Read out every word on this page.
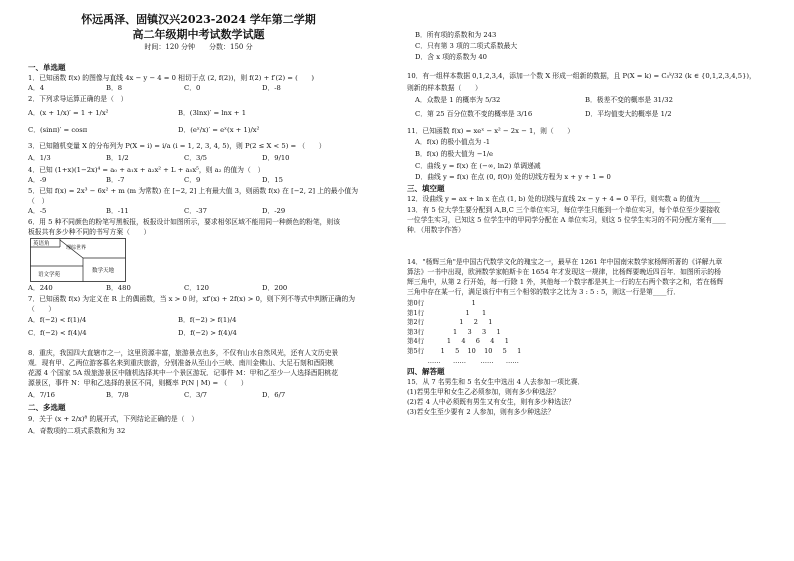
怀远禹泽、固镇汉兴2023-2024 学年第二学期
高二年级期中考试数学试题
时间：120 分钟　　分数：150 分
一、单选题
1．已知函数 f(x) 的图像与直线 4x − y − 4 = 0 相切于点 (2, f(2))，则 f(2) + f′(2) = (　　)
A．4	B．8	C．0	D．-8
2．下列求导运算正确的是（　）
A．(x + 1/x)′ = 1 + 1/x²	B．(3lnx)′ = lnx + 1
C．(sinπ)′ = cosπ	D．(eˣ/x)′ = eˣ(x + 1)/x²
3．已知随机变量 X 的分布列为 P(X = i) = i/a (i = 1, 2, 3, 4, 5)，则 P(2 ≤ X < 5) = （　　）
A．1/3	B．1/2	C．3/5	D．9/10
4．已知 (1+x)(1−2x)⁴ = a₀ + a₁x + a₂x² + L + a₅x⁵，则 a₂ 的值为（　）
A．-9	B．-7	C．9	D．15
5．已知 f(x) = 2x³ − 6x² + m (m 为常数) 在 [−2, 2] 上有最大值 3，则函数 f(x) 在 [−2, 2] 上的最小值为
（　）
A．-5	B．-11	C．-37	D．-29
6．用 5 种不同颜色的粉笔写黑板报，板报设计如图所示，要求相邻区域不能用同一种颜色的粉笔，则该
板报共有多少种不同的书写方案（　　）
英语角
理综世界
语文学苑
数学天地
A．240	B．480	C．120	D．200
7．已知函数 f(x) 为定义在 R 上的偶函数，当 x > 0 时，xf′(x) + 2f(x) > 0，则下列不等式中判断正确的为
（　　）
A．f(−2) < f(1)/4	B．f(−2) > f(1)/4
C．f(−2) < f(4)/4	D．f(−2) > f(4)/4
8．重庆，我国四大直辖市之一，这里资源丰富，旅游景点也多，不仅有山水自然风光，还有人文历史景
观．现有甲、乙两位游客慕名来到重庆旅游，分别准备从至山小三峡、南川金佛山、大足石刻和酉阳桃
花源 4 个国家 5A 级旅游景区中随机选择其中一个景区游玩．记事件 M：甲和乙至少一人选择酉阳桃花
源景区，事件 N：甲和乙选择的景区不同，则概率 P(N | M) = （　　）
A．7/16	B．7/8	C．3/7	D．6/7
二、多选题
9．关于 (x + 2/x)⁸ 的展开式，下列结论正确的是（　）
A．奇数项的二项式系数和为 32
B．所有项的系数和为 243
C．只有第 3 项的二项式系数最大
D．含 x 项的系数为 40
10．有一组样本数据 0,1,2,3,4，添加一个数 X 形成一组新的数据，且 P(X = k) = C₅ᵏ/32 (k ∈ {0,1,2,3,4,5})，
则新的样本数据（　　）
A．众数是 1 的概率为 5/32	B．极差不变的概率是 31/32
C．第 25 百分位数不变的概率是 3/16	D．平均值变大的概率是 1/2
11．已知函数 f(x) = xeˣ − x² − 2x − 1，则（　　）
A．f(x) 的极小值点为 -1
B．f(x) 的极大值为 −1/e
C．曲线 y = f(x) 在 (−∞, ln2) 单调递减
D．曲线 y = f(x) 在点 (0, f(0)) 处的切线方程为 x + y + 1 = 0
三、填空题
12．设曲线 y = ax + ln x 在点 (1, b) 处的切线与直线 2x − y + 4 = 0 平行，则实数 a 的值为______
13．有 5 位大学生要分配到 A,B,C 三个单位实习，每位学生只能到一个单位实习，每个单位至少要接收
一位学生实习，已知这 5 位学生中的甲同学分配在 A 单位实习，则这 5 位学生实习的不同分配方案有____
种．（用数字作答）
14．"杨辉三角"是中国古代数学文化的瑰宝之一，最早在 1261 年中国南宋数学家杨辉所著的《详解九章
算法》一书中出现，欧洲数学家帕斯卡在 1654 年才发现这一规律，比杨辉要晚近四百年．如图所示的杨
辉三角中，从第 2 行开始，每一行除 1 外，其他每一个数字都是其上一行的左右两个数字之和，若在杨辉
三角中存在某一行，满足该行中有三个相邻的数字之比为 3 : 5 : 5，则这一行是第____行．
第0行                       1
第1行                    1      1
第2行                 1     2     1
第3行              1     3     3     1
第4行           1     4     6     4     1
第5行        1     5    10    10     5     1
……      ……       ……      ……
四、解答题
15．从 7 名男生和 5 名女生中选出 4 人去参加一项比赛．
(1)若男生甲和女生乙必须参加，则有多少种选法？
(2)若 4 人中必须既有男生又有女生，则有多少种选法？
(3)若女生至少要有 2 人参加，则有多少种选法？
